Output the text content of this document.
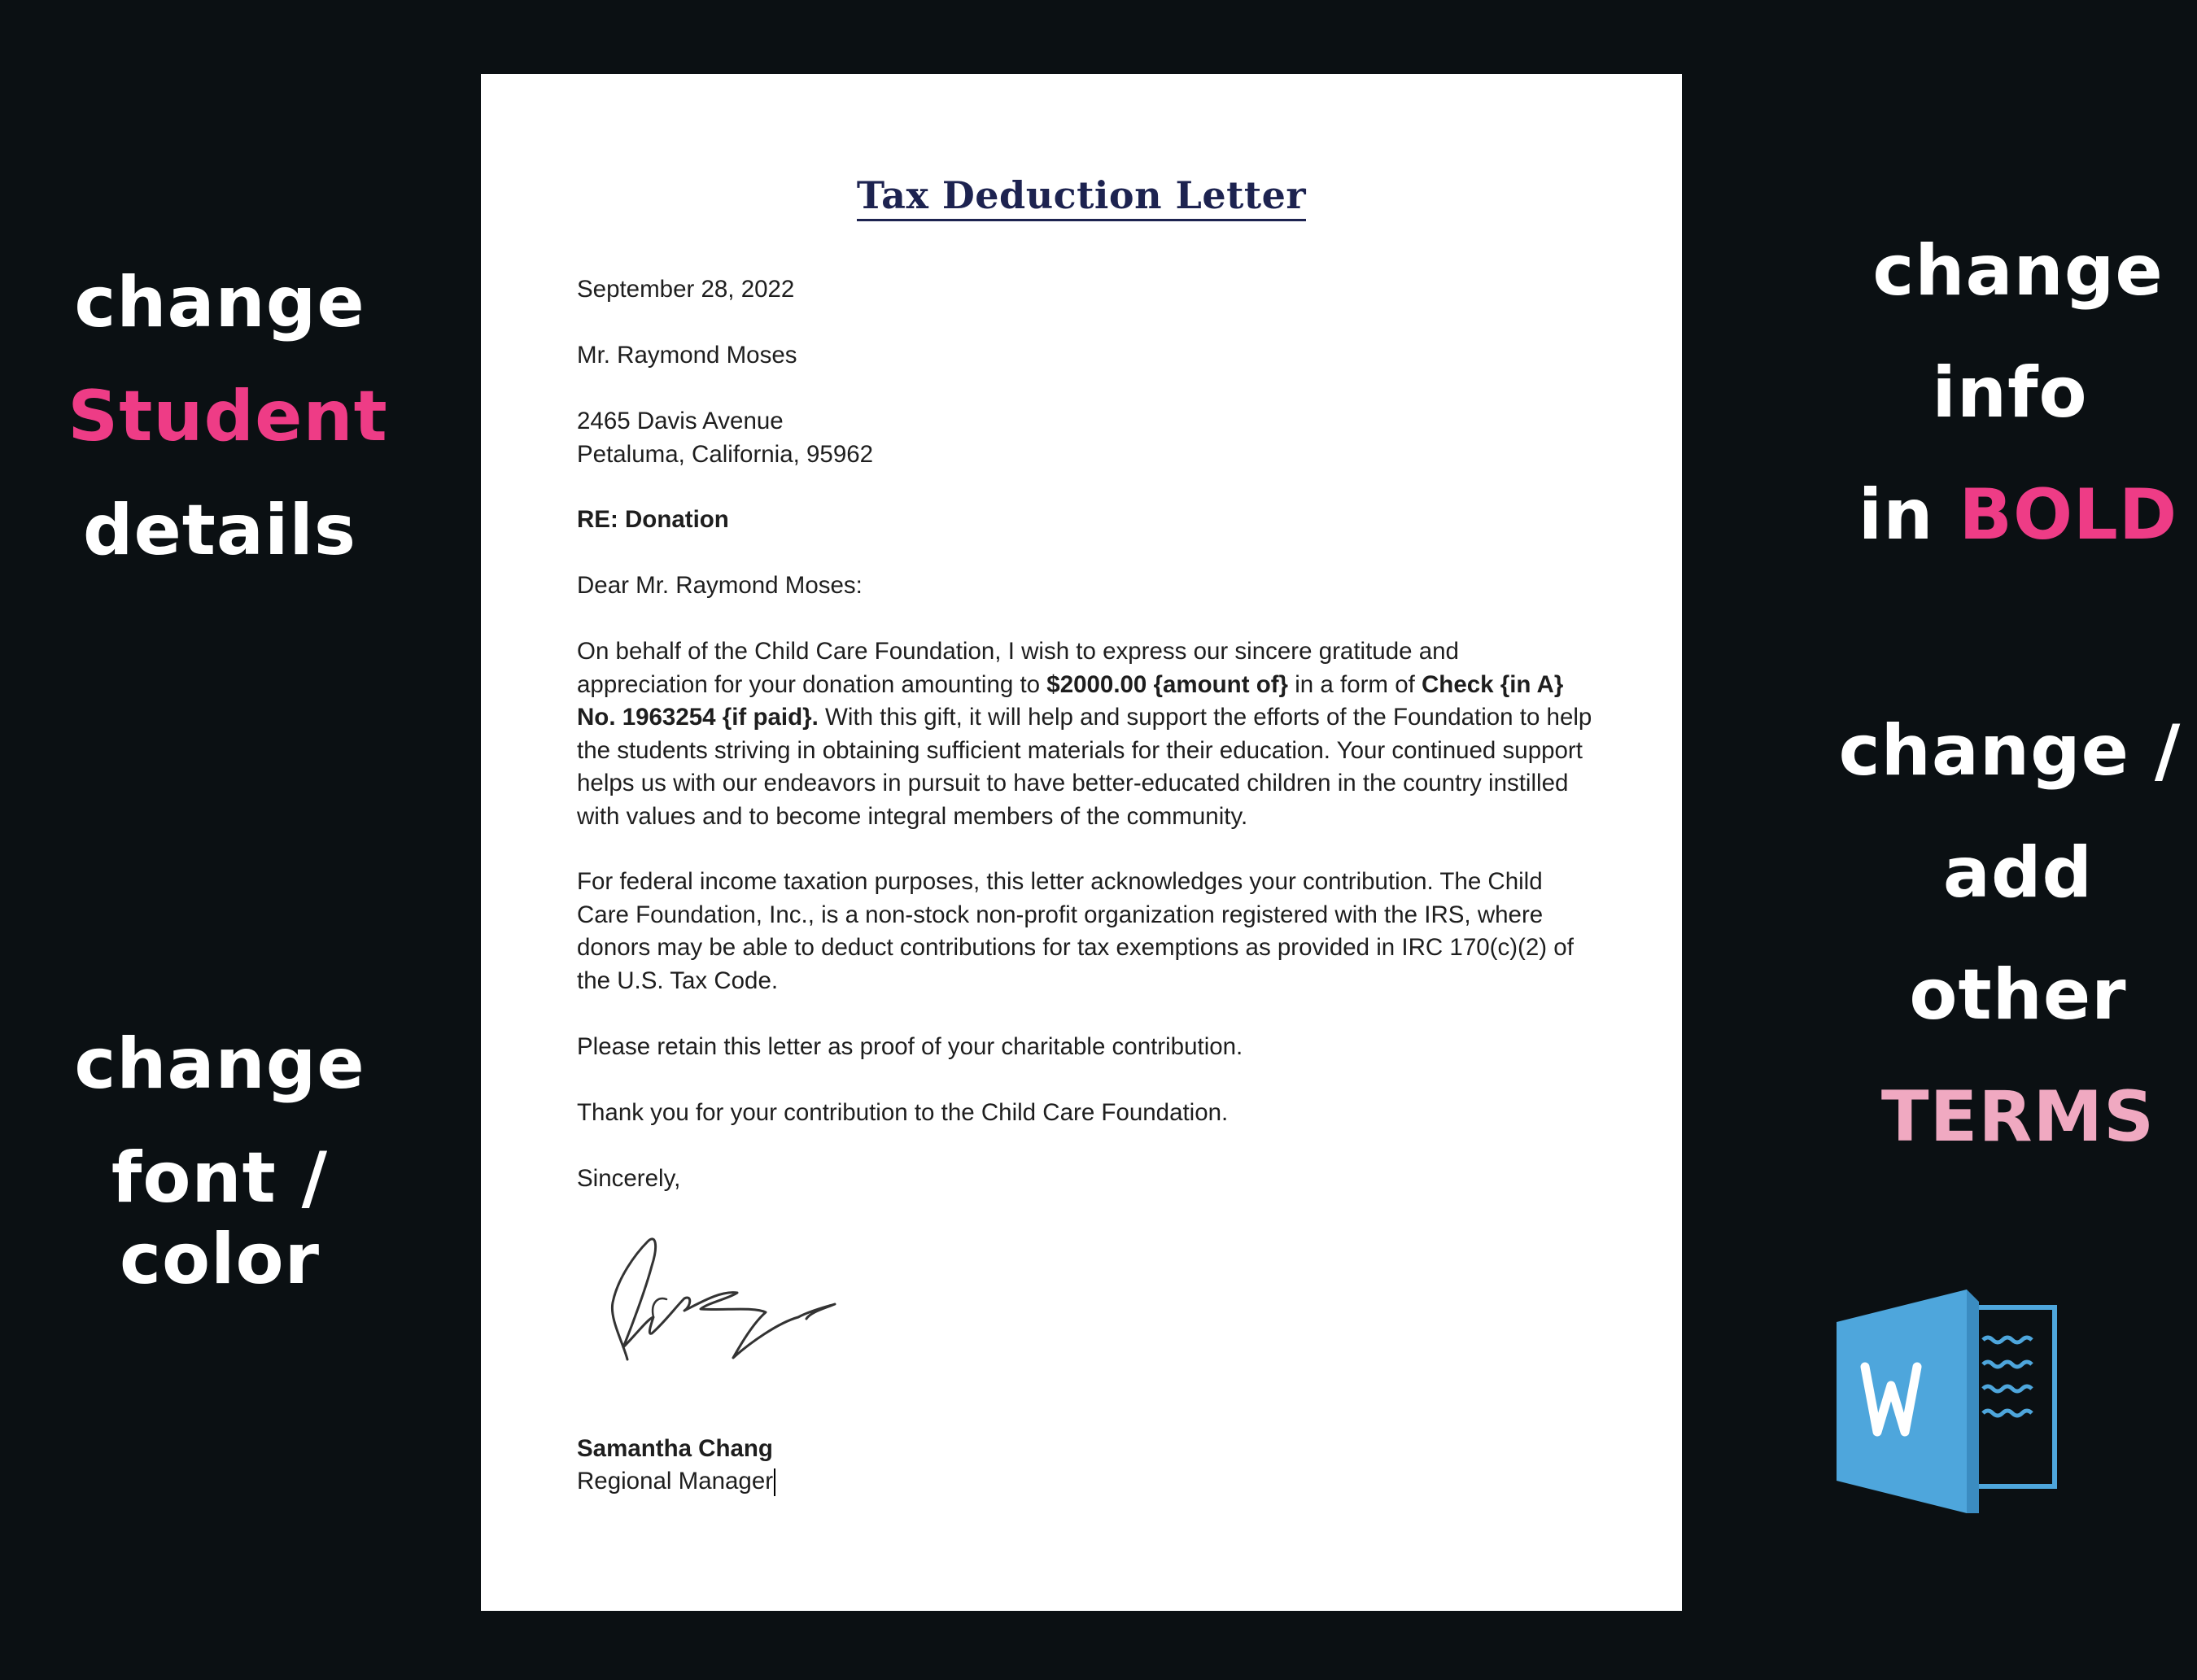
change
Student
details
change
font / color
change
info
in BOLD
change /
add
other
TERMS
Tax Deduction Letter

September 28, 2022

Mr. Raymond Moses

2465 Davis Avenue

Petaluma, California, 95962

RE: Donation

Dear Mr. Raymond Moses:

On behalf of the Child Care Foundation, I wish to express our sincere gratitude and appreciation for your donation amounting to $2000.00 {amount of} in a form of Check {in A} No. 1963254 {if paid}. With this gift, it will help and support the efforts of the Foundation to help the students striving in obtaining sufficient materials for their education. Your continued support helps us with our endeavors in pursuit to have better-educated children in the country instilled with values and to become integral members of the community.

For federal income taxation purposes, this letter acknowledges your contribution. The Child Care Foundation, Inc., is a non-stock non-profit organization registered with the IRS, where donors may be able to deduct contributions for tax exemptions as provided in IRC 170(c)(2) of the U.S. Tax Code.

Please retain this letter as proof of your charitable contribution.

Thank you for your contribution to the Child Care Foundation.

Sincerely,

Samantha Chang

Regional Manager
